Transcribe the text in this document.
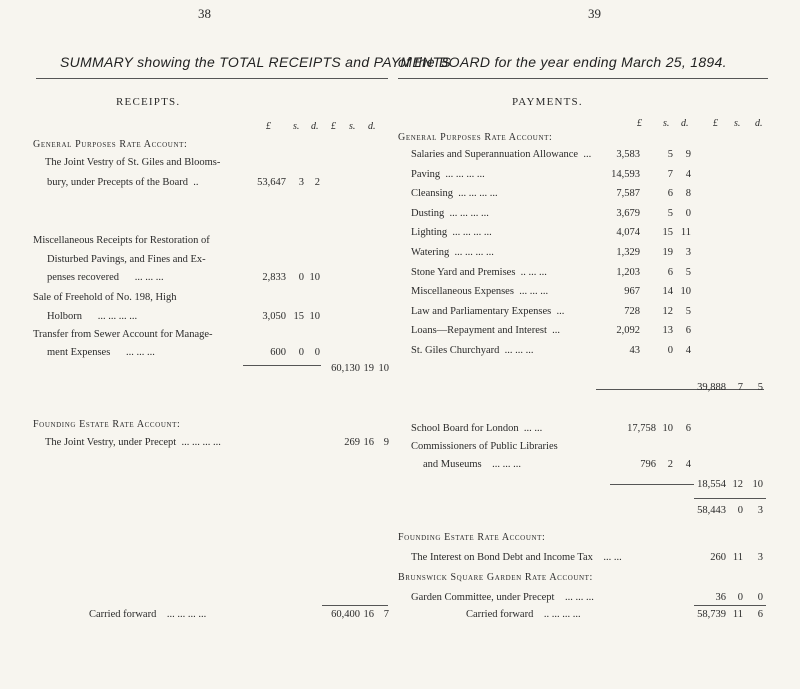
38	39
SUMMARY showing the TOTAL RECEIPTS and PAYMENTS
of the BOARD for the year ending March 25, 1894.
RECEIPTS.
£ s. d. £ s. d.
General Purposes Rate Account:
The Joint Vestry of St. Giles and Blooms-
bury, under Precepts of the Board ..	53,647	3	2
Miscellaneous Receipts for Restoration of
Disturbed Pavings, and Fines and Ex-
penses recovered ... ... ...	2,833	0 10
Sale of Freehold of No. 198, High
Holborn ... ... ... ...	3,050 15 10
Transfer from Sewer Account for Manage-
ment Expenses ... ... ...	600	0	0
60,130 19 10
Founding Estate Rate Account:
The Joint Vestry, under Precept ... ... ... ...	269 16 9
Carried forward ... ... ... ...	60,400 16 7
PAYMENTS.
£ s. d. £ s. d.
General Purposes Rate Account:
Salaries and Superannuation Allowance ...	3,583	5	9
Paving ... ... ... ...	14,593	7	4
Cleansing ... ... ... ...	7,587	6	8
Dusting ... ... ... ...	3,679	5	0
Lighting ... ... ... ...	4,074	15 11
Watering ... ... ... ...	1,329	19	3
Stone Yard and Premises .. ... ...	1,203	6	5
Miscellaneous Expenses ... ... ...	967	14 10
Law and Parliamentary Expenses ...	728	12	5
Loans—Repayment and Interest ...	2,092	13	6
St. Giles Churchyard ... ... ...	43	0	4
39,888	7	5
School Board for London ... ...	17,758 10	6
Commissioners of Public Libraries
and Museums ... ... ...	796	2	4
18,554 12 10
58,443	0	3
Founding Estate Rate Account:
The Interest on Bond Debt and Income Tax ... ...	260 11	3
Brunswick Square Garden Rate Account:
Garden Committee, under Precept ... ... ...	36	0	0
Carried forward .. ... ... ...	58,739 11	6
